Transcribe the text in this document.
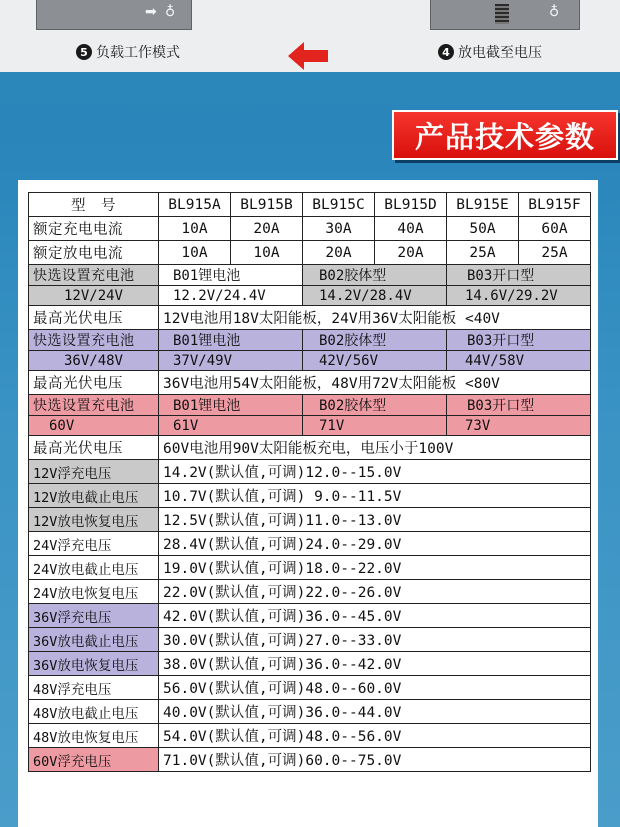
➡ ♁	♁
5 负载工作模式	4 放电截至电压
产品技术参数
型　号	BL915A	BL915B	BL915C	BL915D	BL915E	BL915F
额定充电电流	10A	20A	30A	40A	50A	60A
额定放电电流	10A	10A	20A	20A	25A	25A
快选设置充电池	B01锂电池		B02胶体型		B03开口型	
12V/24V	12.2V/24.4V		14.2V/28.4V		14.6V/29.2V	
最高光伏电压	12V电池用18V太阳能板，24V用36V太阳能板 <40V					
快选设置充电池	B01锂电池		B02胶体型		B03开口型	
36V/48V	37V/49V		42V/56V		44V/58V	
最高光伏电压	36V电池用54V太阳能板，48V用72V太阳能板 <80V					
快选设置充电池	B01锂电池		B02胶体型		B03开口型	
60V	61V		71V		73V	
最高光伏电压	60V电池用90V太阳能板充电，电压小于100V					
12V浮充电压	14.2V(默认值,可调)12.0--15.0V					
12V放电截止电压	10.7V(默认值,可调) 9.0--11.5V					
12V放电恢复电压	12.5V(默认值,可调)11.0--13.0V					
24V浮充电压	28.4V(默认值,可调)24.0--29.0V					
24V放电截止电压	19.0V(默认值,可调)18.0--22.0V					
24V放电恢复电压	22.0V(默认值,可调)22.0--26.0V					
36V浮充电压	42.0V(默认值,可调)36.0--45.0V					
36V放电截止电压	30.0V(默认值,可调)27.0--33.0V					
36V放电恢复电压	38.0V(默认值,可调)36.0--42.0V					
48V浮充电压	56.0V(默认值,可调)48.0--60.0V					
48V放电截止电压	40.0V(默认值,可调)36.0--44.0V					
48V放电恢复电压	54.0V(默认值,可调)48.0--56.0V					
60V浮充电压	71.0V(默认值,可调)60.0--75.0V					
